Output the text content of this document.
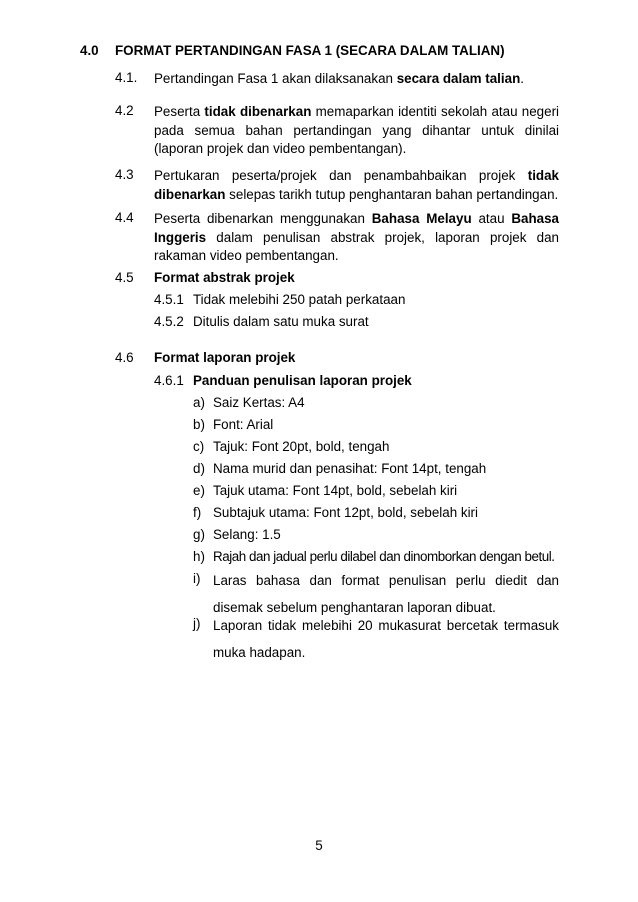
4.0 FORMAT PERTANDINGAN FASA 1 (SECARA DALAM TALIAN)
4.1. Pertandingan Fasa 1 akan dilaksanakan secara dalam talian.
4.2 Peserta tidak dibenarkan memaparkan identiti sekolah atau negeri pada semua bahan pertandingan yang dihantar untuk dinilai (laporan projek dan video pembentangan).
4.3 Pertukaran peserta/projek dan penambahbaikan projek tidak dibenarkan selepas tarikh tutup penghantaran bahan pertandingan.
4.4 Peserta dibenarkan menggunakan Bahasa Melayu atau Bahasa Inggeris dalam penulisan abstrak projek, laporan projek dan rakaman video pembentangan.
4.5 Format abstrak projek
4.5.1 Tidak melebihi 250 patah perkataan
4.5.2 Ditulis dalam satu muka surat
4.6 Format laporan projek
4.6.1 Panduan penulisan laporan projek
a) Saiz Kertas: A4
b) Font: Arial
c) Tajuk: Font 20pt, bold, tengah
d) Nama murid dan penasihat: Font 14pt, tengah
e) Tajuk utama: Font 14pt, bold, sebelah kiri
f) Subtajuk utama: Font 12pt, bold, sebelah kiri
g) Selang: 1.5
h) Rajah dan jadual perlu dilabel dan dinomborkan dengan betul.
i) Laras bahasa dan format penulisan perlu diedit dan disemak sebelum penghantaran laporan dibuat.
j) Laporan tidak melebihi 20 mukasurat bercetak termasuk muka hadapan.
5
